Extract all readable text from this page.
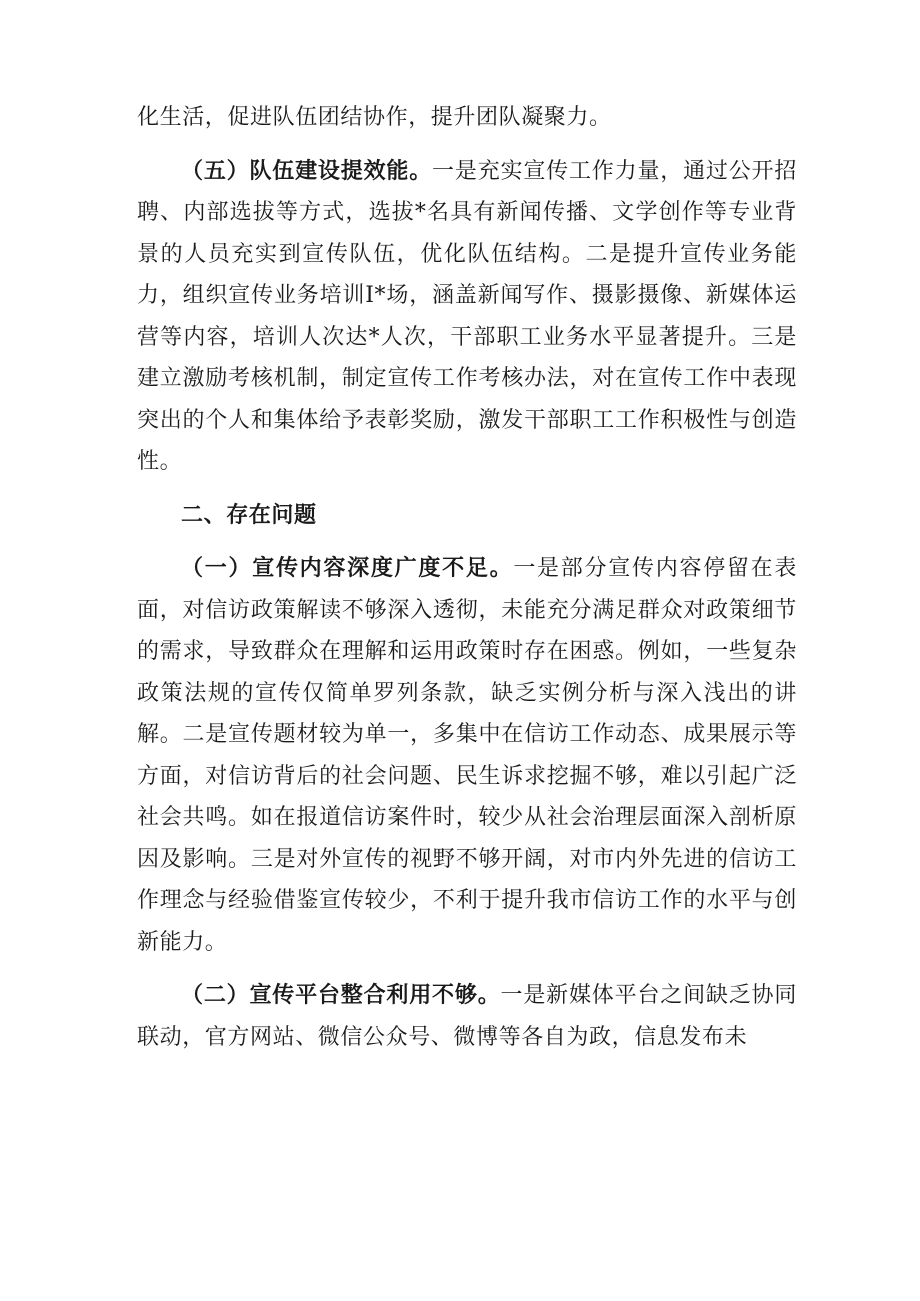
化生活，促进队伍团结协作，提升团队凝聚力。

（五）队伍建设提效能。一是充实宣传工作力量，通过公开招聘、内部选拔等方式，选拔*名具有新闻传播、文学创作等专业背景的人员充实到宣传队伍，优化队伍结构。二是提升宣传业务能力，组织宣传业务培训I*场，涵盖新闻写作、摄影摄像、新媒体运营等内容，培训人次达*人次，干部职工业务水平显著提升。三是建立激励考核机制，制定宣传工作考核办法，对在宣传工作中表现突出的个人和集体给予表彰奖励，激发干部职工工作积极性与创造性。

二、存在问题

（一）宣传内容深度广度不足。一是部分宣传内容停留在表面，对信访政策解读不够深入透彻，未能充分满足群众对政策细节的需求，导致群众在理解和运用政策时存在困惑。例如，一些复杂政策法规的宣传仅简单罗列条款，缺乏实例分析与深入浅出的讲解。二是宣传题材较为单一，多集中在信访工作动态、成果展示等方面，对信访背后的社会问题、民生诉求挖掘不够，难以引起广泛社会共鸣。如在报道信访案件时，较少从社会治理层面深入剖析原因及影响。三是对外宣传的视野不够开阔，对市内外先进的信访工作理念与经验借鉴宣传较少，不利于提升我市信访工作的水平与创新能力。

（二）宣传平台整合利用不够。一是新媒体平台之间缺乏协同联动，官方网站、微信公众号、微博等各自为政，信息发布未
